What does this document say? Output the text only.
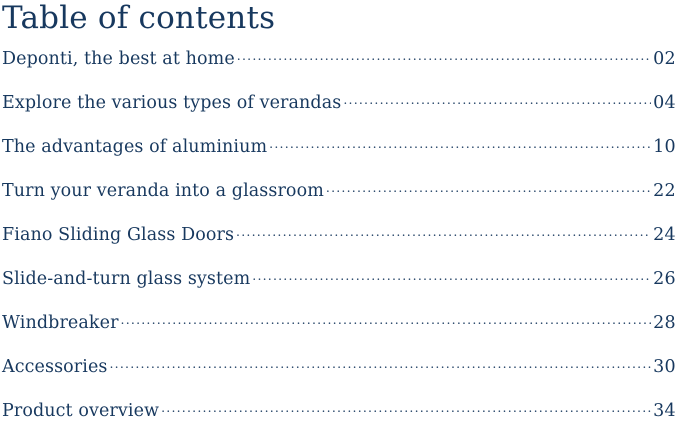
Table of contents
Deponti, the best at home .....	02
Explore the various types of verandas .....	04
The advantages of aluminium .....	10
Turn your veranda into a glassroom .....	22
Fiano Sliding Glass Doors .....	24
Slide-and-turn glass system .....	26
Windbreaker .....	28
Accessories .....	30
Product overview .....	34
